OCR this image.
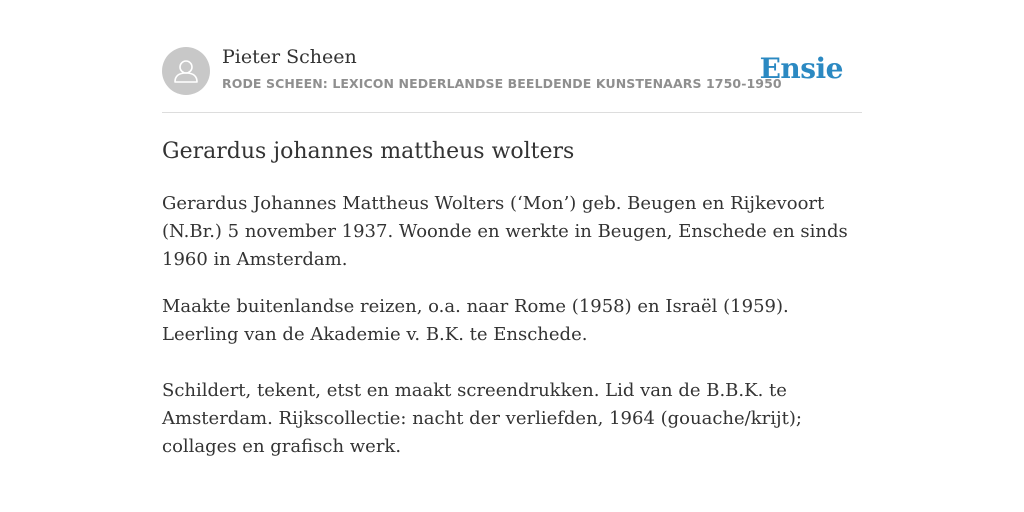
Pieter Scheen
RODE SCHEEN: LEXICON NEDERLANDSE BEELDENDE KUNSTENAARS 1750-1950
Ensie
Gerardus johannes mattheus wolters

Gerardus Johannes Mattheus Wolters (‘Mon’) geb. Beugen en Rijkevoort (N.Br.) 5 november 1937. Woonde en werkte in Beugen, Enschede en sinds 1960 in Amsterdam.

Maakte buitenlandse reizen, o.a. naar Rome (1958) en Israël (1959). Leerling van de Akademie v. B.K. te Enschede.

Schildert, tekent, etst en maakt screendrukken. Lid van de B.B.K. te Amsterdam. Rijkscollectie: nacht der verliefden, 1964 (gouache/krijt); collages en grafisch werk.
